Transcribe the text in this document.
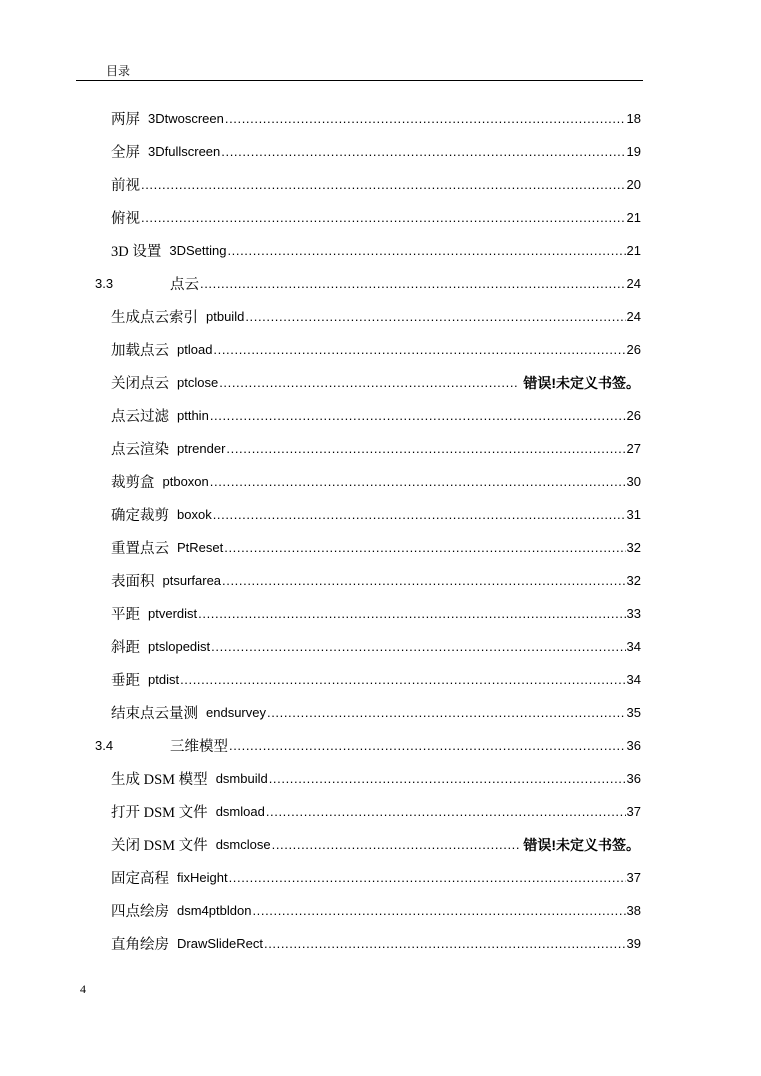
目录
两屏 3Dtwoscreen .....	18
全屏 3Dfullscreen .....	19
前视 .....	20
俯视 .....	21
3D 设置 3DSetting .....	21
3.3	点云 .....	24
生成点云索引 ptbuild .....	24
加载点云 ptload .....	26
关闭点云 ptclose .....	错误!未定义书签。
点云过滤 ptthin .....	26
点云渲染 ptrender .....	27
裁剪盒 ptboxon .....	30
确定裁剪 boxok .....	31
重置点云 PtReset .....	32
表面积 ptsurfarea .....	32
平距 ptverdist .....	33
斜距 ptslopedist .....	34
垂距 ptdist .....	34
结束点云量测 endsurvey .....	35
3.4	三维模型 .....	36
生成 DSM 模型 dsmbuild .....	36
打开 DSM 文件 dsmload .....	37
关闭 DSM 文件 dsmclose .....	错误!未定义书签。
固定高程 fixHeight .....	37
四点绘房 dsm4ptbldon .....	38
直角绘房 DrawSlideRect .....	39
4
